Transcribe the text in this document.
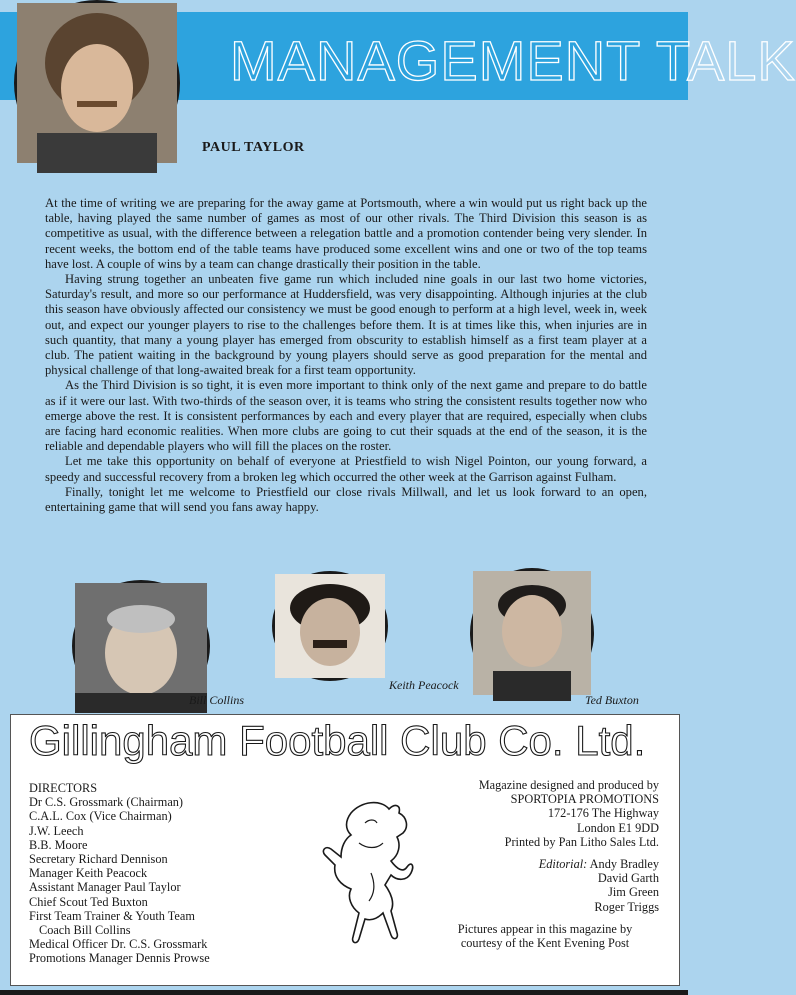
MANAGEMENT TALK
PAUL TAYLOR

At the time of writing we are preparing for the away game at Portsmouth, where a win would put us right back up the table, having played the same number of games as most of our other rivals. The Third Division this season is as competitive as usual, with the difference between a relegation battle and a promotion contender being very slender. In recent weeks, the bottom end of the table teams have produced some excellent wins and one or two of the top teams have lost. A couple of wins by a team can change drastically their position in the table.

Having strung together an unbeaten five game run which included nine goals in our last two home victories, Saturday's result, and more so our performance at Huddersfield, was very disappointing. Although injuries at the club this season have obviously affected our consistency we must be good enough to perform at a high level, week in, week out, and expect our younger players to rise to the challenges before them. It is at times like this, when injuries are in such quantity, that many a young player has emerged from obscurity to establish himself as a first team player at a club. The patient waiting in the background by young players should serve as good preparation for the mental and physical challenge of that long-awaited break for a first team opportunity.

As the Third Division is so tight, it is even more important to think only of the next game and prepare to do battle as if it were our last. With two-thirds of the season over, it is teams who string the consistent results together now who emerge above the rest. It is consistent performances by each and every player that are required, especially when clubs are facing hard economic realities. When more clubs are going to cut their squads at the end of the season, it is the reliable and dependable players who will fill the places on the roster.

Let me take this opportunity on behalf of everyone at Priestfield to wish Nigel Pointon, our young forward, a speedy and successful recovery from a broken leg which occurred the other week at the Garrison against Fulham.

Finally, tonight let me welcome to Priestfield our close rivals Millwall, and let us look forward to an open, entertaining game that will send you fans away happy.

Bill Collins
Keith Peacock
Ted Buxton
Gillingham Football Club Co. Ltd.
DIRECTORS
Dr C.S. Grossmark (Chairman)
C.A.L. Cox (Vice Chairman)
J.W. Leech
B.B. Moore
Secretary Richard Dennison
Manager Keith Peacock
Assistant Manager Paul Taylor
Chief Scout Ted Buxton
First Team Trainer & Youth Team
Coach Bill Collins
Medical Officer Dr. C.S. Grossmark
Promotions Manager Dennis Prowse
Magazine designed and produced by
SPORTOPIA PROMOTIONS
172-176 The Highway
London E1 9DD
Printed by Pan Litho Sales Ltd.
Editorial: Andy Bradley
David Garth
Jim Green
Roger Triggs
Pictures appear in this magazine by
courtesy of the Kent Evening Post
